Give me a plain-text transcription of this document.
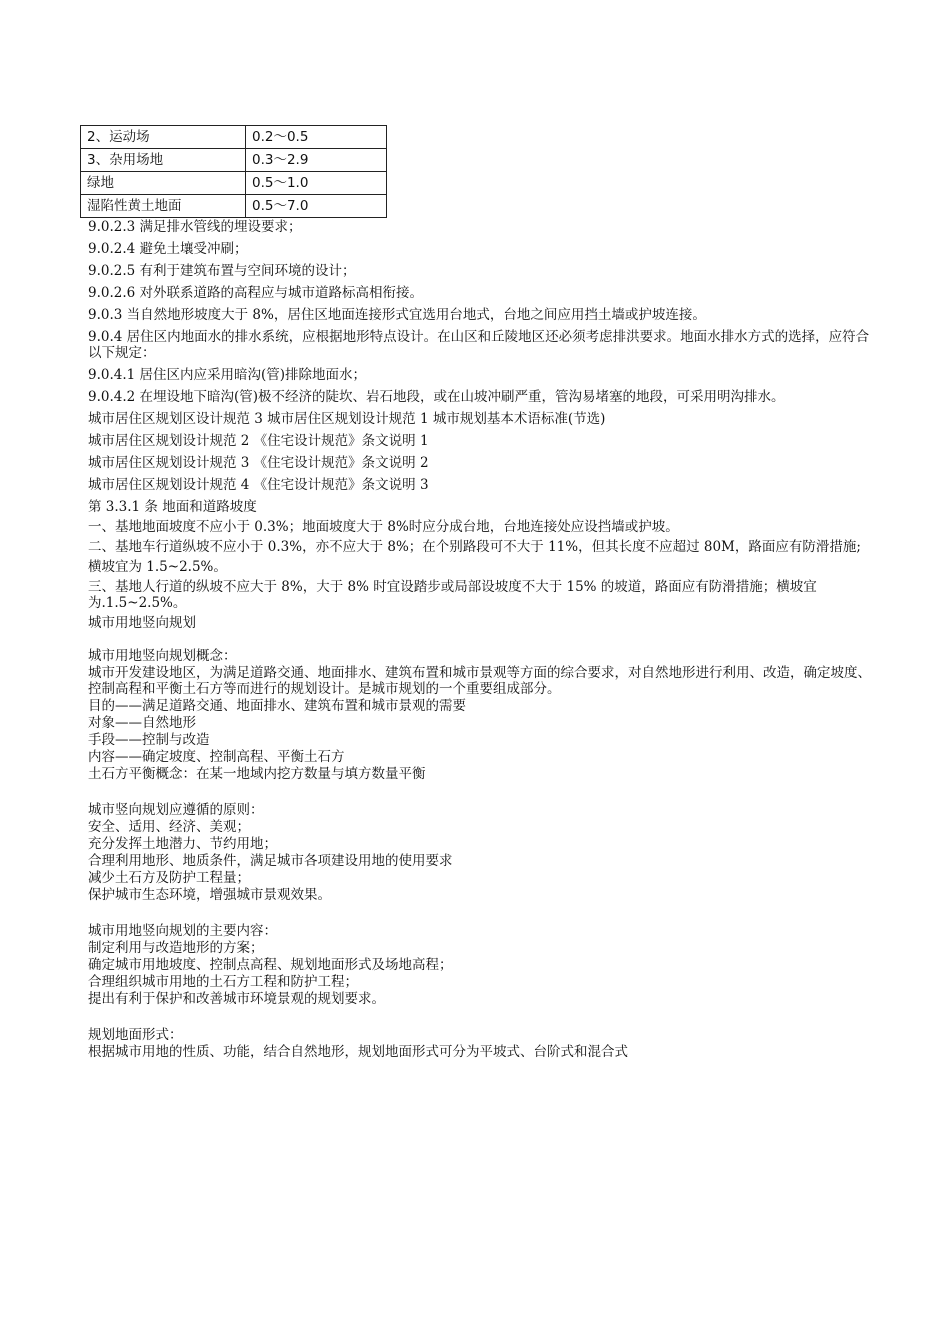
2、运动场	0.2～0.5
3、杂用场地	0.3～2.9
绿地	0.5～1.0
湿陷性黄土地面	0.5～7.0

9.0.2.3 满足排水管线的埋设要求；

9.0.2.4 避免土壤受冲刷；

9.0.2.5 有利于建筑布置与空间环境的设计；

9.0.2.6 对外联系道路的高程应与城市道路标高相衔接。

9.0.3 当自然地形坡度大于 8%，居住区地面连接形式宜选用台地式，台地之间应用挡土墙或护坡连接。

9.0.4 居住区内地面水的排水系统，应根据地形特点设计。在山区和丘陵地区还必须考虑排洪要求。地面水排水方式的选择，应符合以下规定：

9.0.4.1 居住区内应采用暗沟(管)排除地面水；

9.0.4.2 在埋设地下暗沟(管)极不经济的陡坎、岩石地段，或在山坡冲刷严重，管沟易堵塞的地段，可采用明沟排水。

城市居住区规划区设计规范 3 城市居住区规划设计规范 1 城市规划基本术语标准(节选)

城市居住区规划设计规范 2 《住宅设计规范》条文说明 1

城市居住区规划设计规范 3 《住宅设计规范》条文说明 2

城市居住区规划设计规范 4 《住宅设计规范》条文说明 3

第 3.3.1 条 地面和道路坡度

一、基地地面坡度不应小于 0.3%；地面坡度大于 8%时应分成台地，台地连接处应设挡墙或护坡。

二、基地车行道纵坡不应小于 0.3%，亦不应大于 8%；在个别路段可不大于 11%，但其长度不应超过 80M，路面应有防滑措施;

横坡宜为 1.5~2.5%。

三、基地人行道的纵坡不应大于 8%，大于 8% 时宜设踏步或局部设坡度不大于 15% 的坡道，路面应有防滑措施；横坡宜为.1.5~2.5%。

城市用地竖向规划

城市用地竖向规划概念：

城市开发建设地区，为满足道路交通、地面排水、建筑布置和城市景观等方面的综合要求，对自然地形进行利用、改造，确定坡度、控制高程和平衡土石方等而进行的规划设计。是城市规划的一个重要组成部分。

目的——满足道路交通、地面排水、建筑布置和城市景观的需要

对象——自然地形

手段——控制与改造

内容——确定坡度、控制高程、平衡土石方

土石方平衡概念：在某一地域内挖方数量与填方数量平衡

城市竖向规划应遵循的原则：

安全、适用、经济、美观；

充分发挥土地潜力、节约用地；

合理利用地形、地质条件，满足城市各项建设用地的使用要求

减少土石方及防护工程量；

保护城市生态环境，增强城市景观效果。

城市用地竖向规划的主要内容：

制定利用与改造地形的方案；

确定城市用地坡度、控制点高程、规划地面形式及场地高程；

合理组织城市用地的土石方工程和防护工程；

提出有利于保护和改善城市环境景观的规划要求。

规划地面形式：

根据城市用地的性质、功能，结合自然地形，规划地面形式可分为平坡式、台阶式和混合式
